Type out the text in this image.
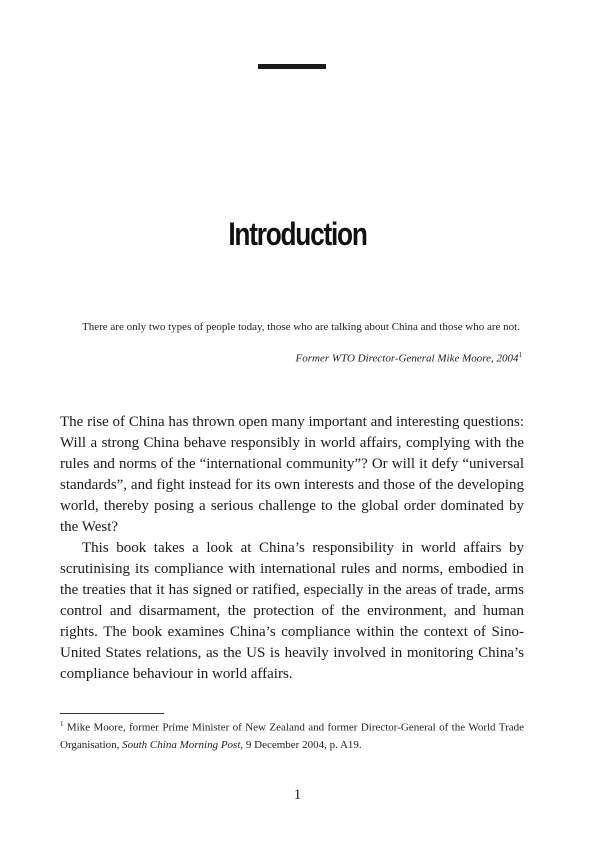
Introduction
There are only two types of people today, those who are talking about China and those who are not.
Former WTO Director-General Mike Moore, 2004$^1$

The rise of China has thrown open many important and interesting questions: Will a strong China behave responsibly in world affairs, complying with the rules and norms of the “international community”? Or will it defy “universal standards”, and fight instead for its own interests and those of the developing world, thereby posing a serious challenge to the global order dominated by the West?

This book takes a look at China’s responsibility in world affairs by scrutinising its compliance with international rules and norms, embodied in the treaties that it has signed or ratified, especially in the areas of trade, arms control and disarmament, the protection of the environment, and human rights. The book examines China’s compliance within the context of Sino-United States relations, as the US is heavily involved in monitoring China’s compliance behaviour in world affairs.

$^1$ Mike Moore, former Prime Minister of New Zealand and former Director-General of the World Trade Organisation, South China Morning Post, 9 December 2004, p. A19.
1
